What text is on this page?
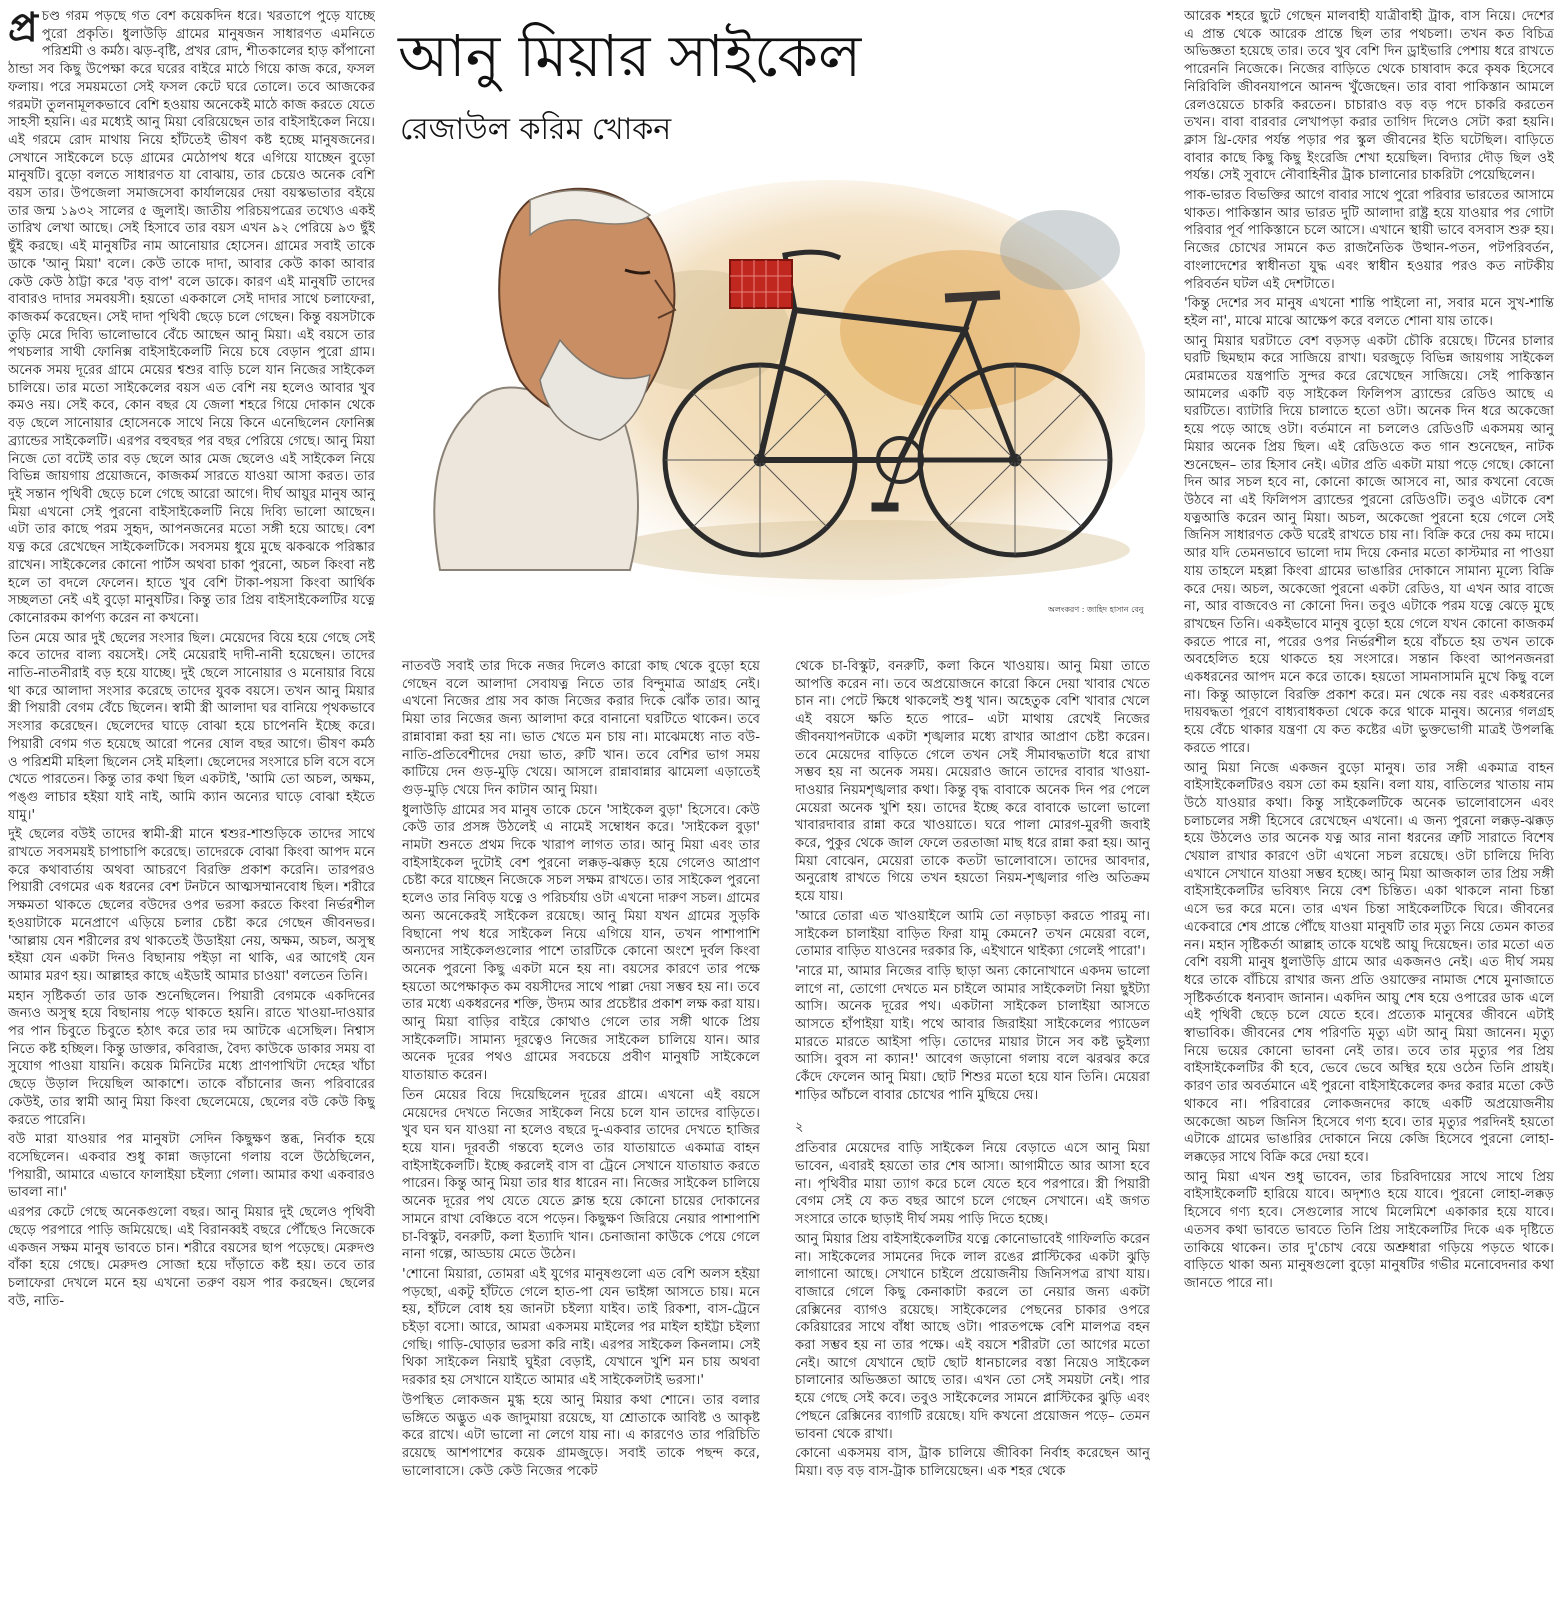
প্র চণ্ড গরম পড়ছে গত বেশ কয়েকদিন ধরে। খরতাপে পুড়ে যাচ্ছে পুরো প্রকৃতি। ধুলাউড়ি গ্রামের মানুষজন সাধারণত এমনিতে পরিশ্রমী ও কর্মঠ। ঝড়-বৃষ্টি, প্রখর রোদ, শীতকালের হাড় কাঁপানো ঠান্ডা সব কিছু উপেক্ষা করে ঘরের বাইরে মাঠে গিয়ে কাজ করে, ফসল ফলায়। পরে সময়মতো সেই ফসল কেটে ঘরে তোলে। তবে আজকের গরমটা তুলনামূলকভাবে বেশি হওয়ায় অনেকেই মাঠে কাজ করতে যেতে সাহসী হয়নি। এর মধ্যেই আনু মিয়া বেরিয়েছেন তার বাইসাইকেল নিয়ে। এই গরমে রোদ মাথায় নিয়ে হাঁটতেই ভীষণ কষ্ট হচ্ছে মানুষজনের। সেখানে সাইকেলে চড়ে গ্রামের মেঠোপথ ধরে এগিয়ে যাচ্ছেন বুড়ো মানুষটি। বুড়ো বলতে সাধারণত যা বোঝায়, তার চেয়েও অনেক বেশি বয়স তার। উপজেলা সমাজসেবা কার্যালয়ের দেয়া বয়স্কভাতার বইয়ে তার জন্ম ১৯৩২ সালের ৫ জুলাই। জাতীয় পরিচয়পত্রের তথ্যেও একই তারিখ লেখা আছে। সেই হিসাবে তার বয়স এখন ৯২ পেরিয়ে ৯৩ ছুঁই ছুঁই করছে। এই মানুষটির নাম আনোয়ার হোসেন। গ্রামের সবাই তাকে ডাকে 'আনু মিয়া' বলে। কেউ তাকে দাদা, আবার কেউ কাকা আবার কেউ কেউ ঠাট্টা করে 'বড় বাপ' বলে ডাকে। কারণ এই মানুষটি তাদের বাবারও দাদার সমবয়সী। হয়তো এককালে সেই দাদার সাথে চলাফেরা, কাজকর্ম করেছেন। সেই দাদা পৃথিবী ছেড়ে চলে গেছেন। কিন্তু বয়সটাকে তুড়ি মেরে দিব্যি ভালোভাবে বেঁচে আছেন আনু মিয়া। এই বয়সে তার পথচলার সাথী ফোনিক্স বাইসাইকেলটি নিয়ে চষে বেড়ান পুরো গ্রাম। অনেক সময় দূরের গ্রামে মেয়ের শ্বশুর বাড়ি চলে যান নিজের সাইকেল চালিয়ে। তার মতো সাইকেলের বয়স এত বেশি নয় হলেও আবার খুব কমও নয়। সেই কবে, কোন বছর যে জেলা শহরে গিয়ে দোকান থেকে বড় ছেলে সানোয়ার হোসেনকে সাথে নিয়ে কিনে এনেছিলেন ফোনিক্স ব্র্যান্ডের সাইকেলটি। এরপর বহুবছর পর বছর পেরিয়ে গেছে। আনু মিয়া নিজে তো বটেই তার বড় ছেলে আর মেজ ছেলেও এই সাইকেল নিয়ে বিভিন্ন জায়গায় প্রয়োজনে, কাজকর্ম সারতে যাওয়া আসা করত। তার দুই সন্তান পৃথিবী ছেড়ে চলে গেছে আরো আগে। দীর্ঘ আয়ুর মানুষ আনু মিয়া এখনো সেই পুরনো বাইসাইকেলটি নিয়ে দিব্যি ভালো আছেন। এটা তার কাছে পরম সুহৃদ, আপনজনের মতো সঙ্গী হয়ে আছে। বেশ যত্ন করে রেখেছেন সাইকেলটিকে। সবসময় ধুয়ে মুছে ঝকঝকে পরিষ্কার রাখেন। সাইকেলের কোনো পার্টস অথবা চাকা পুরনো, অচল কিংবা নষ্ট হলে তা বদলে ফেলেন। হাতে খুব বেশি টাকা-পয়সা কিংবা আর্থিক সচ্ছলতা নেই এই বুড়ো মানুষটির। কিন্তু তার প্রিয় বাইসাইকেলটির যত্নে কোনোরকম কার্পণ্য করেন না কখনো।

তিন মেয়ে আর দুই ছেলের সংসার ছিল। মেয়েদের বিয়ে হয়ে গেছে সেই কবে তাদের বাল্য বয়সেই। সেই মেয়েরাই দাদী-নানী হয়েছেন। তাদের নাতি-নাতনীরাই বড় হয়ে যাচ্ছে। দুই ছেলে সানোয়ার ও মনোয়ার বিয়ে থা করে আলাদা সংসার করেছে তাদের যুবক বয়সে। তখন আনু মিয়ার স্ত্রী পিয়ারী বেগম বেঁচে ছিলেন। স্বামী স্ত্রী আলাদা ঘর বানিয়ে পৃথকভাবে সংসার করেছেন। ছেলেদের ঘাড়ে বোঝা হয়ে চাপেননি ইচ্ছে করে। পিয়ারী বেগম গত হয়েছে আরো পনের ষোল বছর আগে। ভীষণ কর্মঠ ও পরিশ্রমী মহিলা ছিলেন সেই মহিলা। ছেলেদের সংসারে চলি বসে বসে খেতে পারতেন। কিন্তু তার কথা ছিল একটাই, 'আমি তো অচল, অক্ষম, পঙ্গু লাচার হইয়া যাই নাই, আমি ক্যান অন্যের ঘাড়ে বোঝা হইতে যামু।'

দুই ছেলের বউই তাদের স্বামী-স্ত্রী মানে শ্বশুর-শাশুড়িকে তাদের সাথে রাখতে সবসময়ই চাপাচাপি করেছে। তাদেরকে বোঝা কিংবা আপদ মনে করে কথাবার্তায় অথবা আচরণে বিরক্তি প্রকাশ করেনি। তারপরও পিয়ারী বেগমের এক ধরনের বেশ টনটনে আত্মসম্মানবোধ ছিল। শরীরে সক্ষমতা থাকতে ছেলের বউদের ওপর ভরসা করতে কিংবা নির্ভরশীল হওয়াটাকে মনেপ্রাণে এড়িয়ে চলার চেষ্টা করে গেছেন জীবনভর। 'আল্লায় যেন শরীলের রথ থাকতেই উডাইয়া নেয়, অক্ষম, অচল, অসুস্থ হইয়া যেন একটা দিনও বিছানায় পইড়া না থাকি, এর আগেই যেন আমার মরণ হয়। আল্লাহর কাছে এইডাই আমার চাওয়া' বলতেন তিনি।

মহান সৃষ্টিকর্তা তার ডাক শুনেছিলেন। পিয়ারী বেগমকে একদিনের জন্যও অসুস্থ হয়ে বিছানায় পড়ে থাকতে হয়নি। রাতে খাওয়া-দাওয়ার পর পান চিবুতে চিবুতে হঠাৎ করে তার দম আটকে এসেছিল। নিশ্বাস নিতে কষ্ট হচ্ছিল। কিন্তু ডাক্তার, কবিরাজ, বৈদ্য কাউকে ডাকার সময় বা সুযোগ পাওয়া যায়নি। কয়েক মিনিটের মধ্যে প্রাণপাখিটা দেহের খাঁচা ছেড়ে উড়াল দিয়েছিল আকাশে। তাকে বাঁচানোর জন্য পরিবারের কেউই, তার স্বামী আনু মিয়া কিংবা ছেলেমেয়ে, ছেলের বউ কেউ কিছু করতে পারেনি।

বউ মারা যাওয়ার পর মানুষটা সেদিন কিছুক্ষণ স্তব্ধ, নির্বাক হয়ে বসেছিলেন। একবার শুধু কান্না জড়ানো গলায় বলে উঠেছিলেন, 'পিয়ারী, আমারে এভাবে ফালাইয়া চইল্যা গেলা। আমার কথা একবারও ভাবলা না।'

এরপর কেটে গেছে অনেকগুলো বছর। আনু মিয়ার দুই ছেলেও পৃথিবী ছেড়ে পরপারে পাড়ি জমিয়েছে। এই বিরানব্বই বছরে পৌঁছেও নিজেকে একজন সক্ষম মানুষ ভাবতে চান। শরীরে বয়সের ছাপ পড়েছে। মেরুদণ্ড বাঁকা হয়ে গেছে। মেরুদণ্ড সোজা হয়ে দাঁড়াতে কষ্ট হয়। তবে তার চলাফেরা দেখলে মনে হয় এখনো তরুণ বয়স পার করছেন। ছেলের বউ, নাতি-

আনু মিয়ার সাইকেল
রেজাউল করিম খোকন
অলংকরণ : জাহিদ হাসান বেনু

নাতবউ সবাই তার দিকে নজর দিলেও কারো কাছ থেকে বুড়ো হয়ে গেছেন বলে আলাদা সেবাযত্ন নিতে তার বিন্দুমাত্র আগ্রহ নেই। এখনো নিজের প্রায় সব কাজ নিজের করার দিকে ঝোঁক তার। আনু মিয়া তার নিজের জন্য আলাদা করে বানানো ঘরটিতে থাকেন। তবে রান্নাবান্না করা হয় না। ভাত খেতে মন চায় না। মাঝেমধ্যে নাত বউ-নাতি-প্রতিবেশীদের দেয়া ভাত, রুটি খান। তবে বেশির ভাগ সময় কাটিয়ে দেন গুড়-মুড়ি খেয়ে। আসলে রান্নাবান্নার ঝামেলা এড়াতেই গুড়-মুড়ি খেয়ে দিন কাটান আনু মিয়া।

ধুলাউড়ি গ্রামের সব মানুষ তাকে চেনে 'সাইকেল বুড়া' হিসেবে। কেউ কেউ তার প্রসঙ্গ উঠলেই এ নামেই সম্বোধন করে। 'সাইকেল বুড়া' নামটা শুনতে প্রথম দিকে খারাপ লাগত তার। আনু মিয়া এবং তার বাইসাইকেল দুটোই বেশ পুরনো লক্কড়-ঝক্কড় হয়ে গেলেও আপ্রাণ চেষ্টা করে যাচ্ছেন নিজেকে সচল সক্ষম রাখতে। তার সাইকেল পুরনো হলেও তার নিবিড় যত্নে ও পরিচর্যায় ওটা এখনো দারুণ সচল। গ্রামের অন্য অনেকেরই সাইকেল রয়েছে। আনু মিয়া যখন গ্রামের সুড়কি বিছানো পথ ধরে সাইকেল নিয়ে এগিয়ে যান, তখন পাশাপাশি অন্যদের সাইকেলগুলোর পাশে তারটিকে কোনো অংশে দুর্বল কিংবা অনেক পুরনো কিছু একটা মনে হয় না। বয়সের কারণে তার পক্ষে হয়তো অপেক্ষাকৃত কম বয়সীদের সাথে পাল্লা দেয়া সম্ভব হয় না। তবে তার মধ্যে একধরনের শক্তি, উদ্যম আর প্রচেষ্টার প্রকাশ লক্ষ করা যায়। আনু মিয়া বাড়ির বাইরে কোথাও গেলে তার সঙ্গী থাকে প্রিয় সাইকেলটি। সামান্য দূরত্বেও নিজের সাইকেল চালিয়ে যান। আর অনেক দূরের পথও গ্রামের সবচেয়ে প্রবীণ মানুষটি সাইকেলে যাতায়াত করেন।

তিন মেয়ের বিয়ে দিয়েছিলেন দূরের গ্রামে। এখনো এই বয়সে মেয়েদের দেখতে নিজের সাইকেল নিয়ে চলে যান তাদের বাড়িতে। খুব ঘন ঘন যাওয়া না হলেও বছরে দু-একবার তাদের দেখতে হাজির হয়ে যান। দূরবর্তী গন্তব্যে হলেও তার যাতায়াতে একমাত্র বাহন বাইসাইকেলটি। ইচ্ছে করলেই বাস বা ট্রেনে সেখানে যাতায়াত করতে পারেন। কিন্তু আনু মিয়া তার ধার ধারেন না। নিজের সাইকেল চালিয়ে অনেক দূরের পথ যেতে যেতে ক্লান্ত হয়ে কোনো চায়ের দোকানের সামনে রাখা বেঞ্চিতে বসে পড়েন। কিছুক্ষণ জিরিয়ে নেয়ার পাশাপাশি চা-বিস্কুট, বনরুটি, কলা ইত্যাদি খান। চেনাজানা কাউকে পেয়ে গেলে নানা গল্পে, আড্ডায় মেতে উঠেন।

'শোনো মিয়ারা, তোমরা এই যুগের মানুষগুলো এত বেশি অলস হইয়া পড়ছো, একটু হাঁটতে গেলে হাত-পা যেন ভাইঙ্গা আসতে চায়। মনে হয়, হাঁটলে বোধ হয় জানটা চইল্যা যাইব। তাই রিকশা, বাস-ট্রেনে চইড়া বসো। আরে, আমরা একসময় মাইলের পর মাইল হাইট্টা চইল্যা গেছি। গাড়ি-ঘোড়ার ভরসা করি নাই। এরপর সাইকেল কিনলাম। সেই থিকা সাইকেল নিয়াই ঘুইরা বেড়াই, যেখানে খুশি মন চায় অথবা দরকার হয় সেখানে যাইতে আমার এই সাইকেলটাই ভরসা।'

উপস্থিত লোকজন মুগ্ধ হয়ে আনু মিয়ার কথা শোনে। তার বলার ভঙ্গিতে অদ্ভুত এক জাদুমায়া রয়েছে, যা শ্রোতাকে আবিষ্ট ও আকৃষ্ট করে রাখে। এটা ভালো না লেগে যায় না। এ কারণেও তার পরিচিতি রয়েছে আশপাশের কয়েক গ্রামজুড়ে। সবাই তাকে পছন্দ করে, ভালোবাসে। কেউ কেউ নিজের পকেট

থেকে চা-বিস্কুট, বনরুটি, কলা কিনে খাওয়ায়। আনু মিয়া তাতে আপত্তি করেন না। তবে অপ্রয়োজনে কারো কিনে দেয়া খাবার খেতে চান না। পেটে ক্ষিধে থাকলেই শুধু খান। অহেতুক বেশি খাবার খেলে এই বয়সে ক্ষতি হতে পারে– এটা মাথায় রেখেই নিজের জীবনযাপনটাকে একটা শৃঙ্খলার মধ্যে রাখার আপ্রাণ চেষ্টা করেন। তবে মেয়েদের বাড়িতে গেলে তখন সেই সীমাবদ্ধতাটা ধরে রাখা সম্ভব হয় না অনেক সময়। মেয়েরাও জানে তাদের বাবার খাওয়া-দাওয়ার নিয়মশৃঙ্খলার কথা। কিন্তু বৃদ্ধ বাবাকে অনেক দিন পর পেলে মেয়েরা অনেক খুশি হয়। তাদের ইচ্ছে করে বাবাকে ভালো ভালো খাবারদাবার রান্না করে খাওয়াতে। ঘরে পালা মোরগ-মুরগী জবাই করে, পুকুর থেকে জাল ফেলে তরতাজা মাছ ধরে রান্না করা হয়। আনু মিয়া বোঝেন, মেয়েরা তাকে কতটা ভালোবাসে। তাদের আবদার, অনুরোধ রাখতে গিয়ে তখন হয়তো নিয়ম-শৃঙ্খলার গণ্ডি অতিক্রম হয়ে যায়।

'আরে তোরা এত খাওয়াইলে আমি তো নড়াচড়া করতে পারমু না। সাইকেল চালাইয়া বাড়িত ফিরা যামু কেমনে? তখন মেয়েরা বলে, তোমার বাড়িত যাওনের দরকার কি, এইখানে থাইক্যা গেলেই পারো'।

'নারে মা, আমার নিজের বাড়ি ছাড়া অন্য কোনোখানে একদম ভালো লাগে না, তোগো দেখতে মন চাইলে আমার সাইকেলটা নিয়া ছুইট্যা আসি। অনেক দূরের পথ। একটানা সাইকেল চালাইয়া আসতে আসতে হাঁপাইয়া যাই। পথে আবার জিরাইয়া সাইকেলের প্যাডেল মারতে মারতে আইসা পড়ি। তোদের মায়ার টানে সব কষ্ট ভুইল্যা আসি। বুবস না ক্যান!' আবেগ জড়ানো গলায় বলে ঝরঝর করে কেঁদে ফেলেন আনু মিয়া। ছোট শিশুর মতো হয়ে যান তিনি। মেয়েরা শাড়ির আঁচলে বাবার চোখের পানি মুছিয়ে দেয়।

২

প্রতিবার মেয়েদের বাড়ি সাইকেল নিয়ে বেড়াতে এসে আনু মিয়া ভাবেন, এবারই হয়তো তার শেষ আসা। আগামীতে আর আসা হবে না। পৃথিবীর মায়া ত্যাগ করে চলে যেতে হবে পরপারে। স্ত্রী পিয়ারী বেগম সেই যে কত বছর আগে চলে গেছেন সেখানে। এই জগত সংসারে তাকে ছাড়াই দীর্ঘ সময় পাড়ি দিতে হচ্ছে।

আনু মিয়ার প্রিয় বাইসাইকেলটির যত্নে কোনোভাবেই গাফিলতি করেন না। সাইকেলের সামনের দিকে লাল রঙের প্লাস্টিকের একটা ঝুড়ি লাগানো আছে। সেখানে চাইলে প্রয়োজনীয় জিনিসপত্র রাখা যায়। বাজারে গেলে কিছু কেনাকাটা করলে তা নেয়ার জন্য একটা রেক্সিনের ব্যাগও রয়েছে। সাইকেলের পেছনের চাকার ওপরে কেরিয়ারের সাথে বাঁধা আছে ওটা। পারতপক্ষে বেশি মালপত্র বহন করা সম্ভব হয় না তার পক্ষে। এই বয়সে শরীরটা তো আগের মতো নেই। আগে যেখানে ছোট ছোট ধানচালের বস্তা নিয়েও সাইকেল চালানোর অভিজ্ঞতা আছে তার। এখন তো সেই সময়টা নেই। পার হয়ে গেছে সেই কবে। তবুও সাইকেলের সামনে প্লাস্টিকের ঝুড়ি এবং পেছনে রেক্সিনের ব্যাগটি রয়েছে। যদি কখনো প্রয়োজন পড়ে– তেমন ভাবনা থেকে রাখা।

কোনো একসময় বাস, ট্রাক চালিয়ে জীবিকা নির্বাহ করেছেন আনু মিয়া। বড় বড় বাস-ট্রাক চালিয়েছেন। এক শহর থেকে

আরেক শহরে ছুটে গেছেন মালবাহী যাত্রীবাহী ট্রাক, বাস নিয়ে। দেশের এ প্রান্ত থেকে আরেক প্রান্তে ছিল তার পথচলা। তখন কত বিচিত্র অভিজ্ঞতা হয়েছে তার। তবে খুব বেশি দিন ড্রাইভারি পেশায় ধরে রাখতে পারেননি নিজেকে। নিজের বাড়িতে থেকে চাষাবাদ করে কৃষক হিসেবে নিরিবিলি জীবনযাপনে আনন্দ খুঁজেছেন। তার বাবা পাকিস্তান আমলে রেলওয়েতে চাকরি করতেন। চাচারাও বড় বড় পদে চাকরি করতেন তখন। বাবা বারবার লেখাপড়া করার তাগিদ দিলেও সেটা করা হয়নি। ক্লাস থ্রি-ফোর পর্যন্ত পড়ার পর স্কুল জীবনের ইতি ঘটেছিল। বাড়িতে বাবার কাছে কিছু কিছু ইংরেজি শেখা হয়েছিল। বিদ্যার দৌড় ছিল ওই পর্যন্ত। সেই সুবাদে নৌবাহিনীর ট্রাক চালানোর চাকরিটা পেয়েছিলেন।

পাক-ভারত বিভক্তির আগে বাবার সাথে পুরো পরিবার ভারতের আসামে থাকত। পাকিস্তান আর ভারত দুটি আলাদা রাষ্ট্র হয়ে যাওয়ার পর গোটা পরিবার পূর্ব পাকিস্তানে চলে আসে। এখানে স্থায়ী ভাবে বসবাস শুরু হয়। নিজের চোখের সামনে কত রাজনৈতিক উত্থান-পতন, পটপরিবর্তন, বাংলাদেশের স্বাধীনতা যুদ্ধ এবং স্বাধীন হওয়ার পরও কত নাটকীয় পরিবর্তন ঘটল এই দেশটাতে।

'কিন্তু দেশের সব মানুষ এখনো শান্তি পাইলো না, সবার মনে সুখ-শান্তি হইল না', মাঝে মাঝে আক্ষেপ করে বলতে শোনা যায় তাকে।

আনু মিয়ার ঘরটাতে বেশ বড়সড় একটা চৌকি রয়েছে। টিনের চালার ঘরটি ছিমছাম করে সাজিয়ে রাখা। ঘরজুড়ে বিভিন্ন জায়গায় সাইকেল মেরামতের যন্ত্রপাতি সুন্দর করে রেখেছেন সাজিয়ে। সেই পাকিস্তান আমলের একটি বড় সাইকেল ফিলিপস ব্র্যান্ডের রেডিও আছে এ ঘরটিতে। ব্যাটারি দিয়ে চালাতে হতো ওটা। অনেক দিন ধরে অকেজো হয়ে পড়ে আছে ওটা। বর্তমানে না চললেও রেডিওটি একসময় আনু মিয়ার অনেক প্রিয় ছিল। এই রেডিওতে কত গান শুনেছেন, নাটক শুনেছেন– তার হিসাব নেই। এটার প্রতি একটা মায়া পড়ে গেছে। কোনো দিন আর সচল হবে না, কোনো কাজে আসবে না, আর কখনো বেজে উঠবে না এই ফিলিপস ব্র্যান্ডের পুরনো রেডিওটি। তবুও এটাকে বেশ যত্নআত্তি করেন আনু মিয়া। অচল, অকেজো পুরনো হয়ে গেলে সেই জিনিস সাধারণত কেউ ঘরেই রাখতে চায় না। বিক্রি করে দেয় কম দামে। আর যদি তেমনভাবে ভালো দাম দিয়ে কেনার মতো কাস্টমার না পাওয়া যায় তাহলে মহল্লা কিংবা গ্রামের ভাঙারির দোকানে সামান্য মূল্যে বিক্রি করে দেয়। অচল, অকেজো পুরনো একটা রেডিও, যা এখন আর বাজে না, আর বাজবেও না কোনো দিন। তবুও এটাকে পরম যত্নে ঝেড়ে মুছে রাখছেন তিনি। একইভাবে মানুষ বুড়ো হয়ে গেলে যখন কোনো কাজকর্ম করতে পারে না, পরের ওপর নির্ভরশীল হয়ে বাঁচতে হয় তখন তাকে অবহেলিত হয়ে থাকতে হয় সংসারে। সন্তান কিংবা আপনজনরা একধরনের আপদ মনে করে তাকে। হয়তো সামনাসামনি মুখে কিছু বলে না। কিন্তু আড়ালে বিরক্তি প্রকাশ করে। মন থেকে নয় বরং একধরনের দায়বদ্ধতা পূরণে বাধ্যবাধকতা থেকে করে থাকে মানুষ। অন্যের গলগ্রহ হয়ে বেঁচে থাকার যন্ত্রণা যে কত কষ্টের এটা ভুক্তভোগী মাত্রই উপলব্ধি করতে পারে।

আনু মিয়া নিজে একজন বুড়ো মানুষ। তার সঙ্গী একমাত্র বাহন বাইসাইকেলটিরও বয়স তো কম হয়নি। বলা যায়, বাতিলের খাতায় নাম উঠে যাওয়ার কথা। কিন্তু সাইকেলটিকে অনেক ভালোবাসেন এবং চলাচলের সঙ্গী হিসেবে রেখেছেন এখনো। এ জন্য পুরনো লক্কড়-ঝক্কড় হয়ে উঠলেও তার অনেক যত্ন আর নানা ধরনের ত্রুটি সারাতে বিশেষ খেয়াল রাখার কারণে ওটা এখনো সচল রয়েছে। ওটা চালিয়ে দিব্যি এখানে সেখানে যাওয়া সম্ভব হচ্ছে। আনু মিয়া আজকাল তার প্রিয় সঙ্গী বাইসাইকেলটির ভবিষ্যৎ নিয়ে বেশ চিন্তিত। একা থাকলে নানা চিন্তা এসে ভর করে মনে। তার এখন চিন্তা সাইকেলটিকে ঘিরে। জীবনের একেবারে শেষ প্রান্তে পৌঁছে যাওয়া মানুষটি তার মৃত্যু নিয়ে তেমন কাতর নন। মহান সৃষ্টিকর্তা আল্লাহ তাকে যথেষ্ট আয়ু দিয়েছেন। তার মতো এত বেশি বয়সী মানুষ ধুলাউড়ি গ্রামে আর একজনও নেই। এত দীর্ঘ সময় ধরে তাকে বাঁচিয়ে রাখার জন্য প্রতি ওয়াক্তের নামাজ শেষে মুনাজাতে সৃষ্টিকর্তাকে ধন্যবাদ জানান। একদিন আয়ু শেষ হয়ে ওপারের ডাক এলে এই পৃথিবী ছেড়ে চলে যেতে হবে। প্রত্যেক মানুষের জীবনে এটাই স্বাভাবিক। জীবনের শেষ পরিণতি মৃত্যু এটা আনু মিয়া জানেন। মৃত্যু নিয়ে ভয়ের কোনো ভাবনা নেই তার। তবে তার মৃত্যুর পর প্রিয় বাইসাইকেলটির কী হবে, ভেবে ভেবে অস্থির হয়ে ওঠেন তিনি প্রায়ই। কারণ তার অবর্তমানে এই পুরনো বাইসাইকেলের কদর করার মতো কেউ থাকবে না। পরিবারের লোকজনদের কাছে একটি অপ্রয়োজনীয় অকেজো অচল জিনিস হিসেবে গণ্য হবে। তার মৃত্যুর পরদিনই হয়তো এটাকে গ্রামের ভাঙারির দোকানে নিয়ে কেজি হিসেবে পুরনো লোহা-লক্কড়ের সাথে বিক্রি করে দেয়া হবে।

আনু মিয়া এখন শুধু ভাবেন, তার চিরবিদায়ের সাথে সাথে প্রিয় বাইসাইকেলটি হারিয়ে যাবে। অদৃশ্যও হয়ে যাবে। পুরনো লোহা-লক্কড় হিসেবে গণ্য হবে। সেগুলোর সাথে মিলেমিশে একাকার হয়ে যাবে। এতসব কথা ভাবতে ভাবতে তিনি প্রিয় সাইকেলটির দিকে এক দৃষ্টিতে তাকিয়ে থাকেন। তার দু'চোখ বেয়ে অশ্রুধারা গড়িয়ে পড়তে থাকে। বাড়িতে থাকা অন্য মানুষগুলো বুড়ো মানুষটির গভীর মনোবেদনার কথা জানতে পারে না।
